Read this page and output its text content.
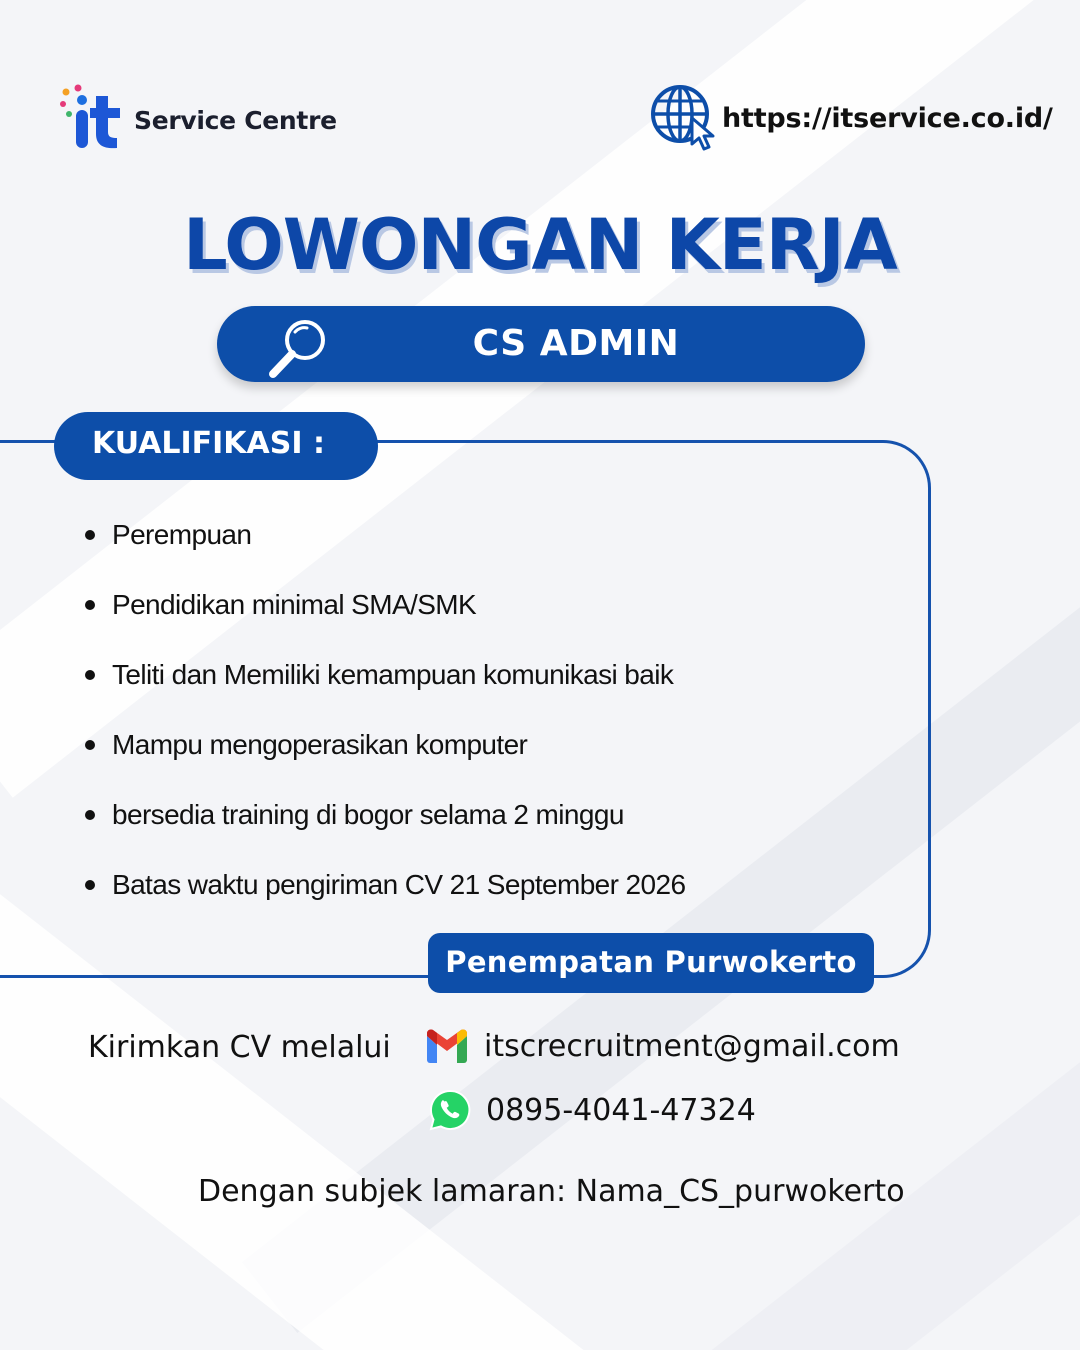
Service Centre	https://itservice.co.id/
LOWONGAN KERJA
CS ADMIN
KUALIFIKASI :
Perempuan
Pendidikan minimal SMA/SMK
Teliti dan Memiliki kemampuan komunikasi baik
Mampu mengoperasikan komputer
bersedia training di bogor selama 2 minggu
Batas waktu pengiriman CV 21 September 2026
Penempatan Purwokerto
Kirimkan CV melalui	itscrecruitment@gmail.com
0895-4041-47324
Dengan subjek lamaran: Nama_CS_purwokerto
